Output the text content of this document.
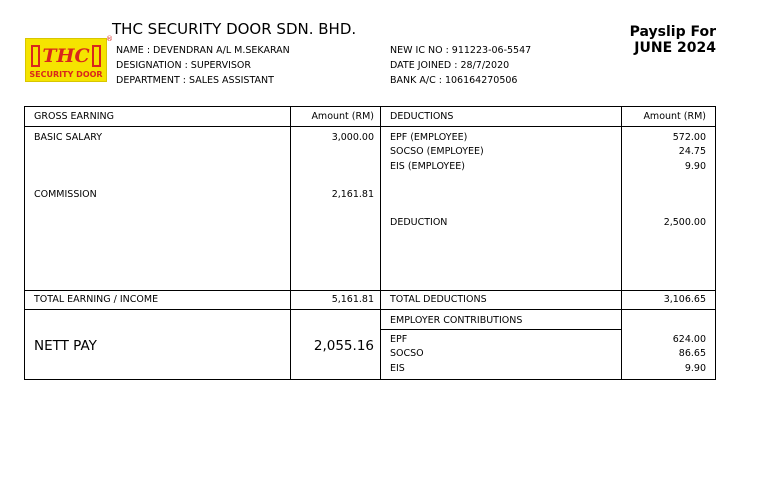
THC
SECURITY DOOR
®
THC SECURITY DOOR SDN. BHD.	Payslip For
JUNE 2024
NAME : DEVENDRAN A/L M.SEKARAN
DESIGNATION : SUPERVISOR
DEPARTMENT : SALES ASSISTANT
NEW IC NO : 911223-06-5547
DATE JOINED : 28/7/2020
BANK A/C : 106164270506
GROSS EARNING	Amount (RM) DEDUCTIONS	Amount (RM)
BASIC SALARY	3,000.00
COMMISSION	2,161.81
EPF (EMPLOYEE)	572.00
SOCSO (EMPLOYEE)	24.75
EIS (EMPLOYEE)	9.90
DEDUCTION	2,500.00
TOTAL EARNING / INCOME	5,161.81 TOTAL DEDUCTIONS	3,106.65
NETT PAY	2,055.16
EMPLOYER CONTRIBUTIONS
EPF	624.00
SOCSO	86.65
EIS	9.90
